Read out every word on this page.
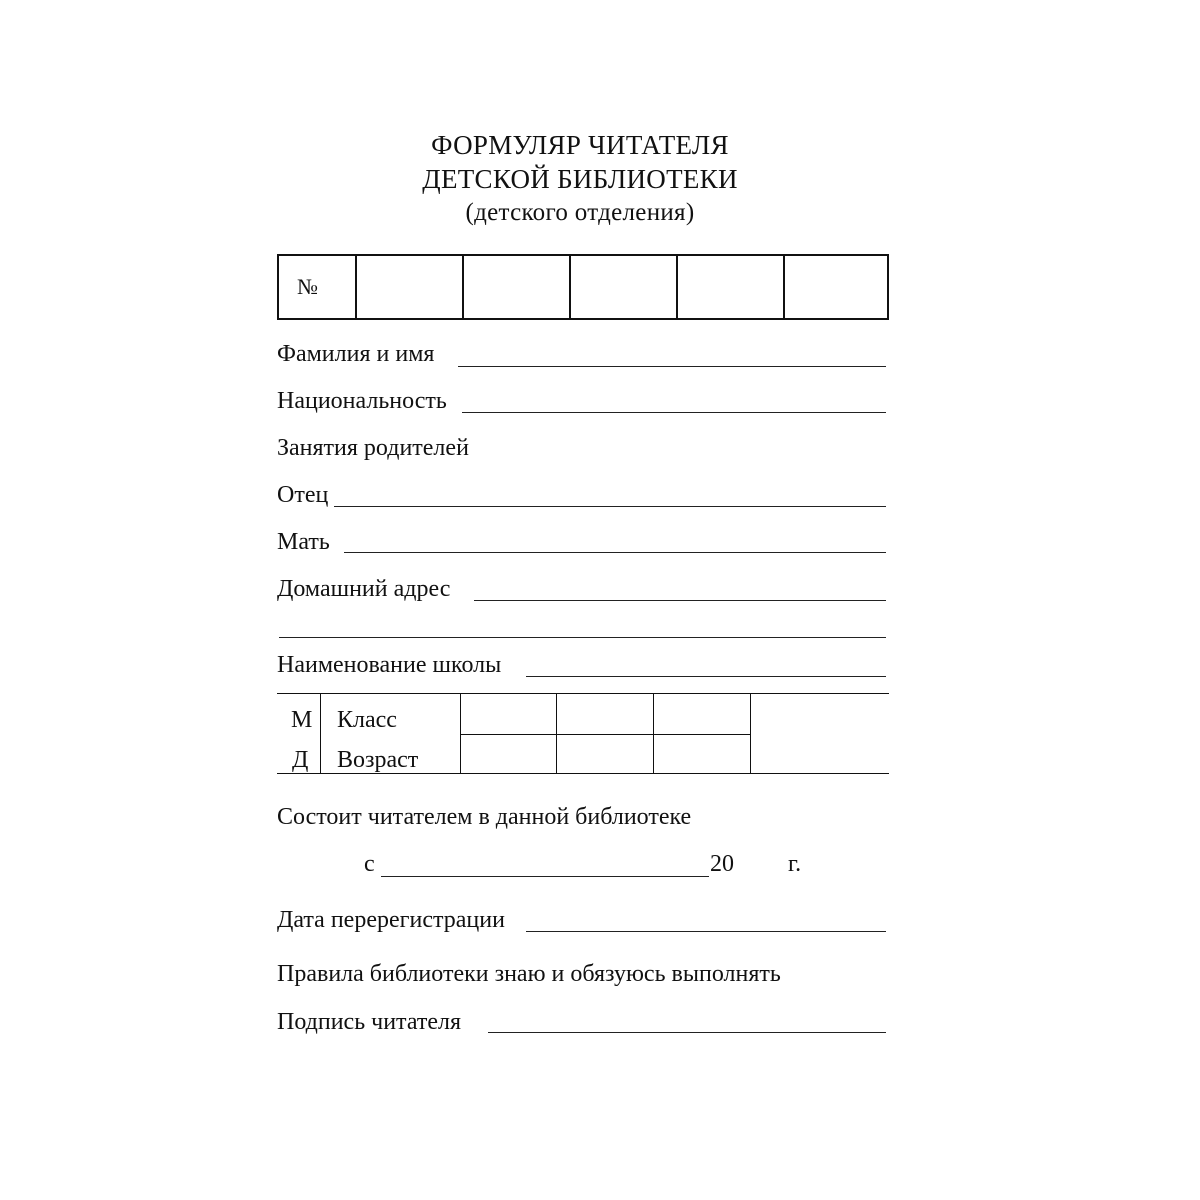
ФОРМУЛЯР ЧИТАТЕЛЯ
ДЕТСКОЙ БИБЛИОТЕКИ
(детского отделения)
№
Фамилия и имя
Национальность
Занятия родителей
Отец
Мать
Домашний адрес
Наименование школы
М Класс
Д Возраст
Состоит читателем в данной библиотеке
с	20 г.
Дата перерегистрации
Правила библиотеки знаю и обязуюсь выполнять
Подпись читателя
